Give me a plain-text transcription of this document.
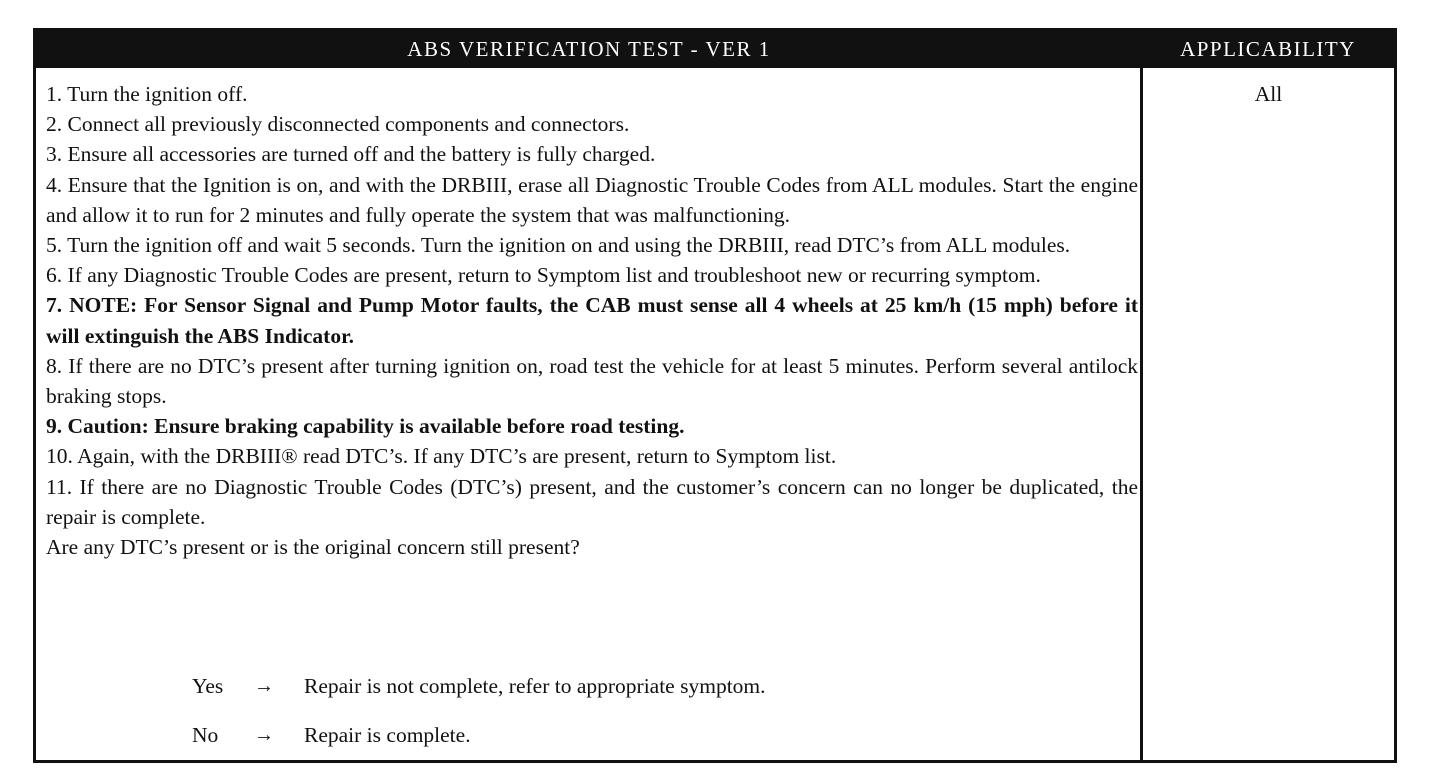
ABS VERIFICATION TEST - VER 1	APPLICABILITY
1. Turn the ignition off.
2. Connect all previously disconnected components and connectors.
3. Ensure all accessories are turned off and the battery is fully charged.
4. Ensure that the Ignition is on, and with the DRBIII, erase all Diagnostic Trouble Codes from ALL modules. Start the engine and allow it to run for 2 minutes and fully operate the system that was malfunctioning.
5. Turn the ignition off and wait 5 seconds. Turn the ignition on and using the DRBIII, read DTC’s from ALL modules.
6. If any Diagnostic Trouble Codes are present, return to Symptom list and troubleshoot new or recurring symptom.
7. NOTE: For Sensor Signal and Pump Motor faults, the CAB must sense all 4 wheels at 25 km/h (15 mph) before it will extinguish the ABS Indicator.
8. If there are no DTC’s present after turning ignition on, road test the vehicle for at least 5 minutes. Perform several antilock braking stops.
9. Caution: Ensure braking capability is available before road testing.
10. Again, with the DRBIII® read DTC’s. If any DTC’s are present, return to Symptom list.
11. If there are no Diagnostic Trouble Codes (DTC’s) present, and the customer’s concern can no longer be duplicated, the repair is complete.
Are any DTC’s present or is the original concern still present?
Yes	→	Repair is not complete, refer to appropriate symptom.
No	→	Repair is complete.
All
